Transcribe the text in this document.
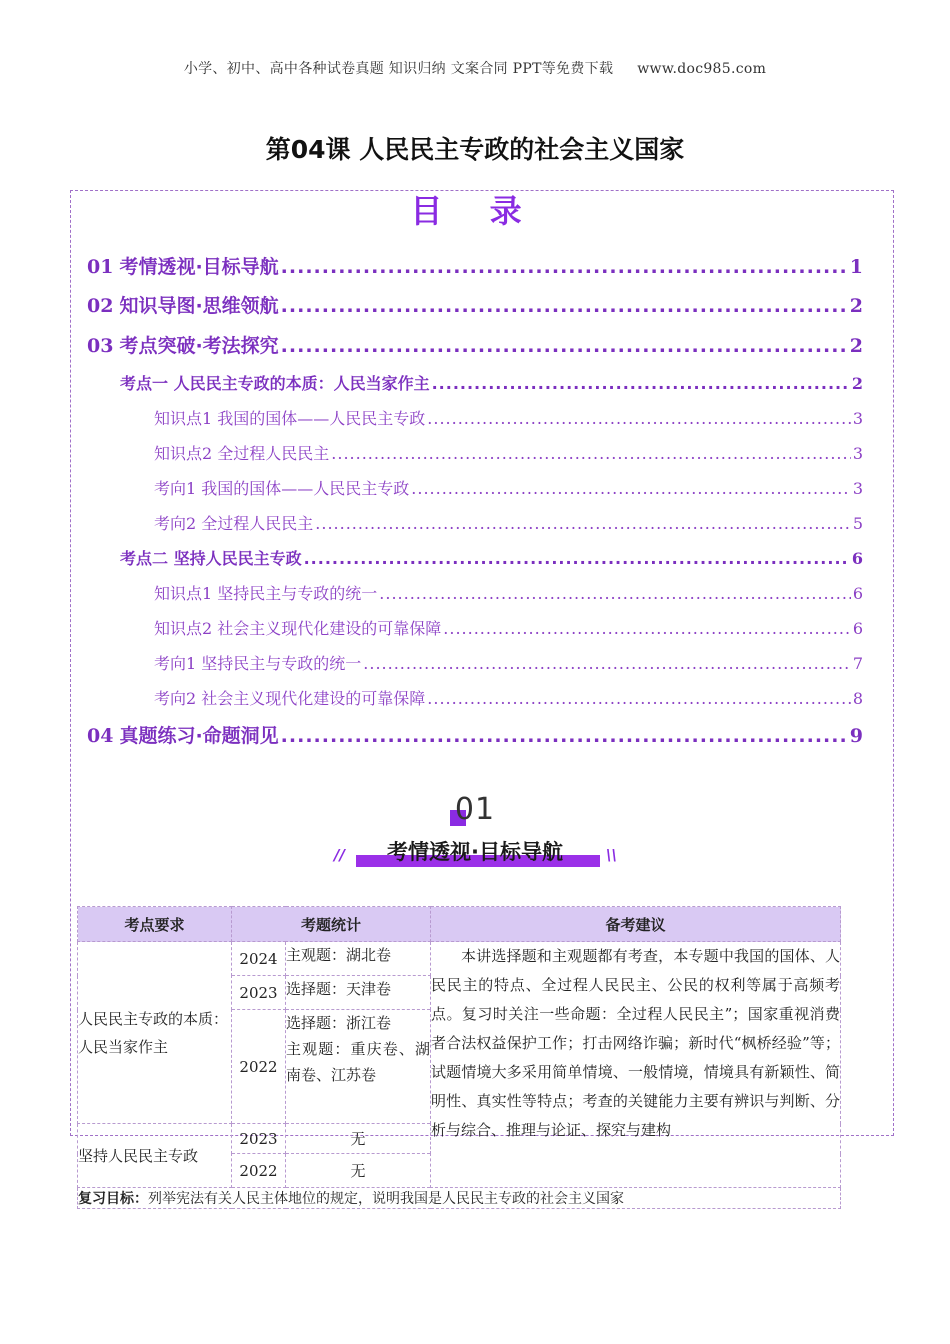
小学、初中、高中各种试卷真题 知识归纳 文案合同 PPT等免费下载 www.doc985.com
第04课 人民民主专政的社会主义国家
目 录
01 考情透视·目标导航 .....	1
02 知识导图·思维领航 .....	2
03 考点突破·考法探究 .....	2
考点一 人民民主专政的本质：人民当家作主 .....	2
知识点1 我国的国体——人民民主专政 .....	3
知识点2 全过程人民民主 .....	3
考向1 我国的国体——人民民主专政 .....	3
考向2 全过程人民民主 .....	5
考点二 坚持人民民主专政 .....	6
知识点1 坚持民主与专政的统一 .....	6
知识点2 社会主义现代化建设的可靠保障 .....	6
考向1 坚持民主与专政的统一 .....	7
考向2 社会主义现代化建设的可靠保障 .....	8
04 真题练习·命题洞见 .....	9
01
考情透视·目标导航
//	\\
考点要求	考题统计		备考建议
人民民主专政的本质：人民当家作主	2024	主观题：湖北卷	本讲选择题和主观题都有考查，本专题中我国的国体、人民民主的特点、全过程人民民主、公民的权利等属于高频考点。复习时关注一些命题：全过程人民民主”；国家重视消费者合法权益保护工作；打击网络诈骗；新时代“枫桥经验”等；试题情境大多采用简单情境、一般情境，情境具有新颖性、简明性、真实性等特点；考查的关键能力主要有辨识与判断、分析与综合、推理与论证、探究与建构
	2023	选择题：天津卷	
	2022	选择题：浙江卷
主观题：重庆卷、湖南卷、江苏卷	

坚持人民民主专政	2023	无	
	2022	无	
复习目标：列举宪法有关人民主体地位的规定，说明我国是人民民主专政的社会主义国家			
